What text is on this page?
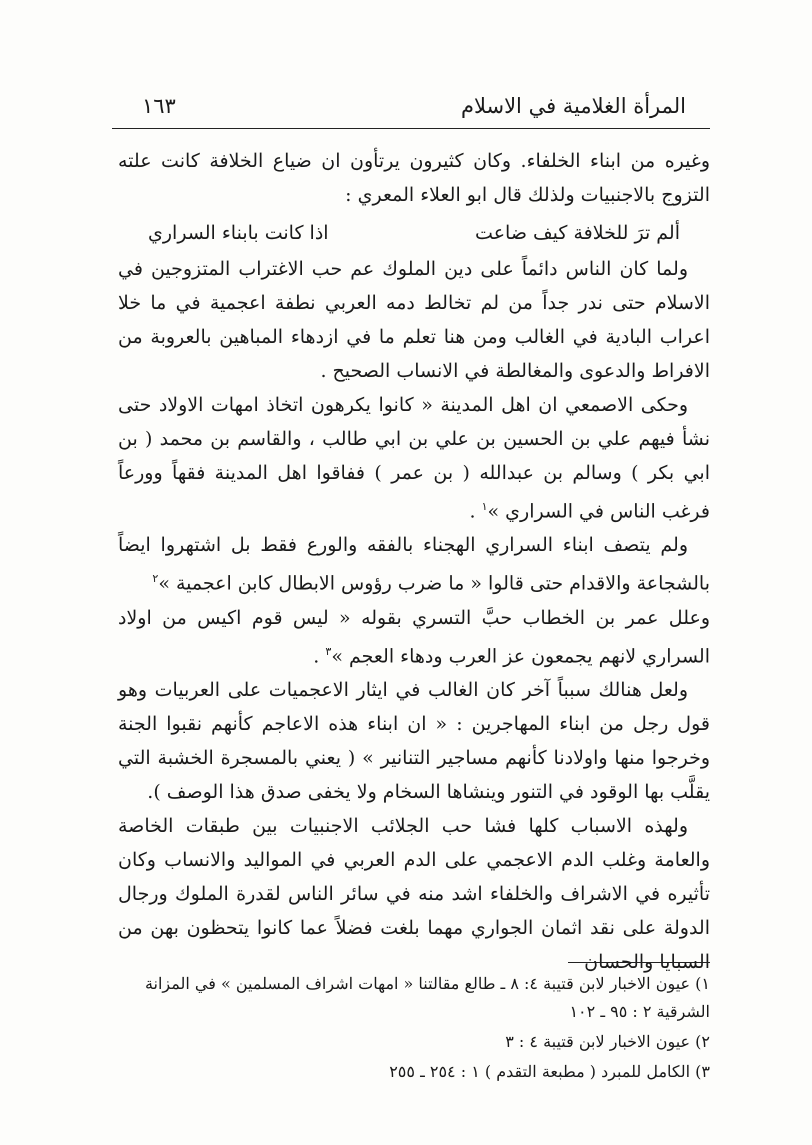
المرأة الغلامية في الاسلام
١٦٣

وغيره من ابناء الخلفاء. وكان كثيرون يرتأون ان ضياع الخلافة كانت علته التزوج بالاجنبيات ولذلك قال ابو العلاء المعري :

ألم ترَ للخلافة كيف ضاعت
اذا كانت بابناء السراري

ولما كان الناس دائماً على دين الملوك عم حب الاغتراب المتزوجين في الاسلام حتى ندر جداً من لم تخالط دمه العربي نطفة اعجمية في ما خلا اعراب البادية في الغالب ومن هنا تعلم ما في ازدهاء المباهين بالعروبة من الافراط والدعوى والمغالطة في الانساب الصحيح .

وحكى الاصمعي ان اهل المدينة « كانوا يكرهون اتخاذ امهات الاولاد حتى نشأ فيهم علي بن الحسين بن علي بن ابي طالب ، والقاسم بن محمد ( بن ابي بكر ) وسالم بن عبدالله ( بن عمر ) ففاقوا اهل المدينة فقهاً وورعاً فرغب الناس في السراري »$^١$ .

ولم يتصف ابناء السراري الهجناء بالفقه والورع فقط بل اشتهروا ايضاً بالشجاعة والاقدام حتى قالوا « ما ضرب رؤوس الابطال كابن اعجمية »$^٢$

وعلل عمر بن الخطاب حبَّ التسري بقوله « ليس قوم اكيس من اولاد السراري لانهم يجمعون عز العرب ودهاء العجم »$^٣$ .

ولعل هنالك سبباً آخر كان الغالب في ايثار الاعجميات على العربيات وهو قول رجل من ابناء المهاجرين : « ان ابناء هذه الاعاجم كأنهم نقبوا الجنة وخرجوا منها واولادنا كأنهم مساجير التنانير » ( يعني بالمسجرة الخشبة التي يقلَّب بها الوقود في التنور وينشاها السخام ولا يخفى صدق هذا الوصف ).

ولهذه الاسباب كلها فشا حب الجلائب الاجنبيات بين طبقات الخاصة والعامة وغلب الدم الاعجمي على الدم العربي في المواليد والانساب وكان تأثيره في الاشراف والخلفاء اشد منه في سائر الناس لقدرة الملوك ورجال الدولة على نقد اثمان الجواري مهما بلغت فضلاً عما كانوا يتحظون بهن من السبايا والحسان

١) عيون الاخبار لابن قتيبة ٤: ٨ ـ طالع مقالتنا « امهات اشراف المسلمين » في المزانة الشرقية ٢ : ٩٥ ـ ١٠٢

٢) عيون الاخبار لابن قتيبة ٤ : ٣

٣) الكامل للمبرد ( مطبعة التقدم ) ١ : ٢٥٤ ـ ٢٥٥
